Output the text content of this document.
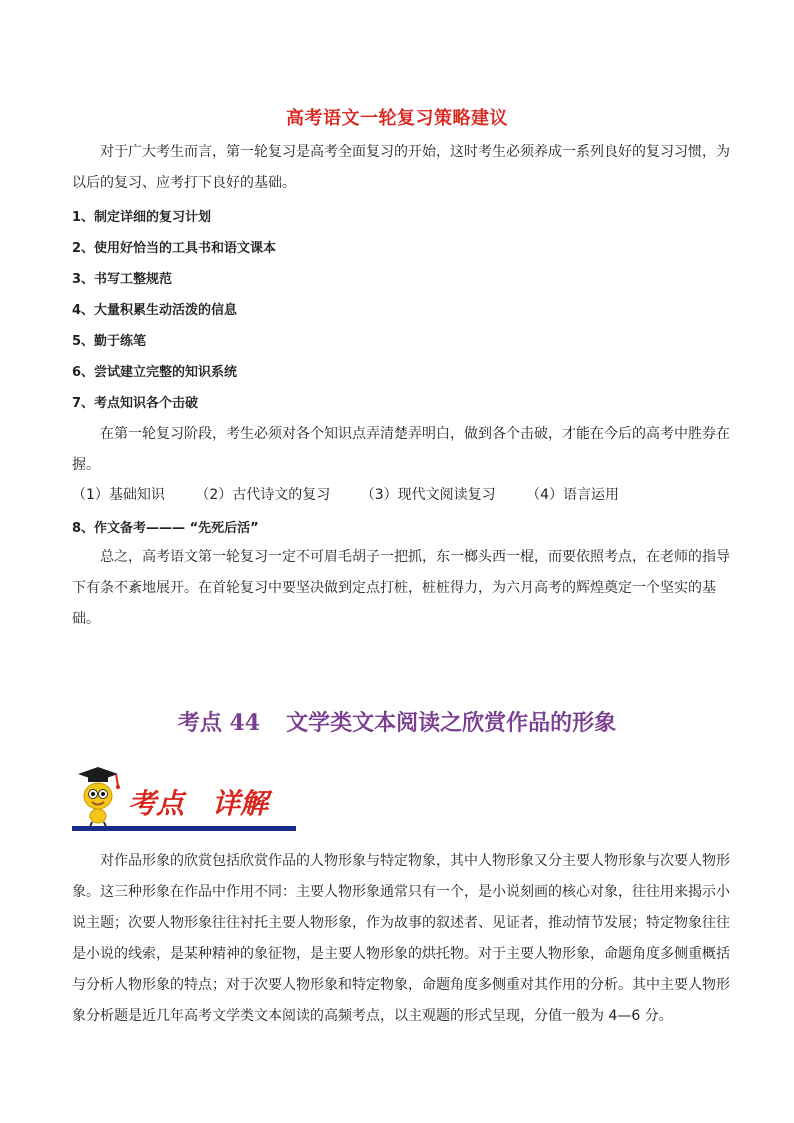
高考语文一轮复习策略建议

对于广大考生而言，第一轮复习是高考全面复习的开始，这时考生必须养成一系列良好的复习习惯，为以后的复习、应考打下良好的基础。

1、制定详细的复习计划
2、使用好恰当的工具书和语文课本
3、书写工整规范
4、大量积累生动活泼的信息
5、勤于练笔
6、尝试建立完整的知识系统
7、考点知识各个击破

在第一轮复习阶段，考生必须对各个知识点弄清楚弄明白，做到各个击破，才能在今后的高考中胜券在握。

（1）基础知识 （2）古代诗文的复习 （3）现代文阅读复习 （4）语言运用
8、作文备考——— “先死后活”

总之，高考语文第一轮复习一定不可眉毛胡子一把抓，东一榔头西一棍，而要依照考点，在老师的指导下有条不紊地展开。在首轮复习中要坚决做到定点打桩，桩桩得力，为六月高考的辉煌奠定一个坚实的基础。

考点 44 文学类文本阅读之欣赏作品的形象
考点 详解

对作品形象的欣赏包括欣赏作品的人物形象与特定物象，其中人物形象又分主要人物形象与次要人物形象。这三种形象在作品中作用不同：主要人物形象通常只有一个，是小说刻画的核心对象，往往用来揭示小说主题；次要人物形象往往衬托主要人物形象，作为故事的叙述者、见证者，推动情节发展；特定物象往往是小说的线索，是某种精神的象征物，是主要人物形象的烘托物。对于主要人物形象，命题角度多侧重概括与分析人物形象的特点；对于次要人物形象和特定物象，命题角度多侧重对其作用的分析。其中主要人物形象分析题是近几年高考文学类文本阅读的高频考点，以主观题的形式呈现，分值一般为 4—6 分。
